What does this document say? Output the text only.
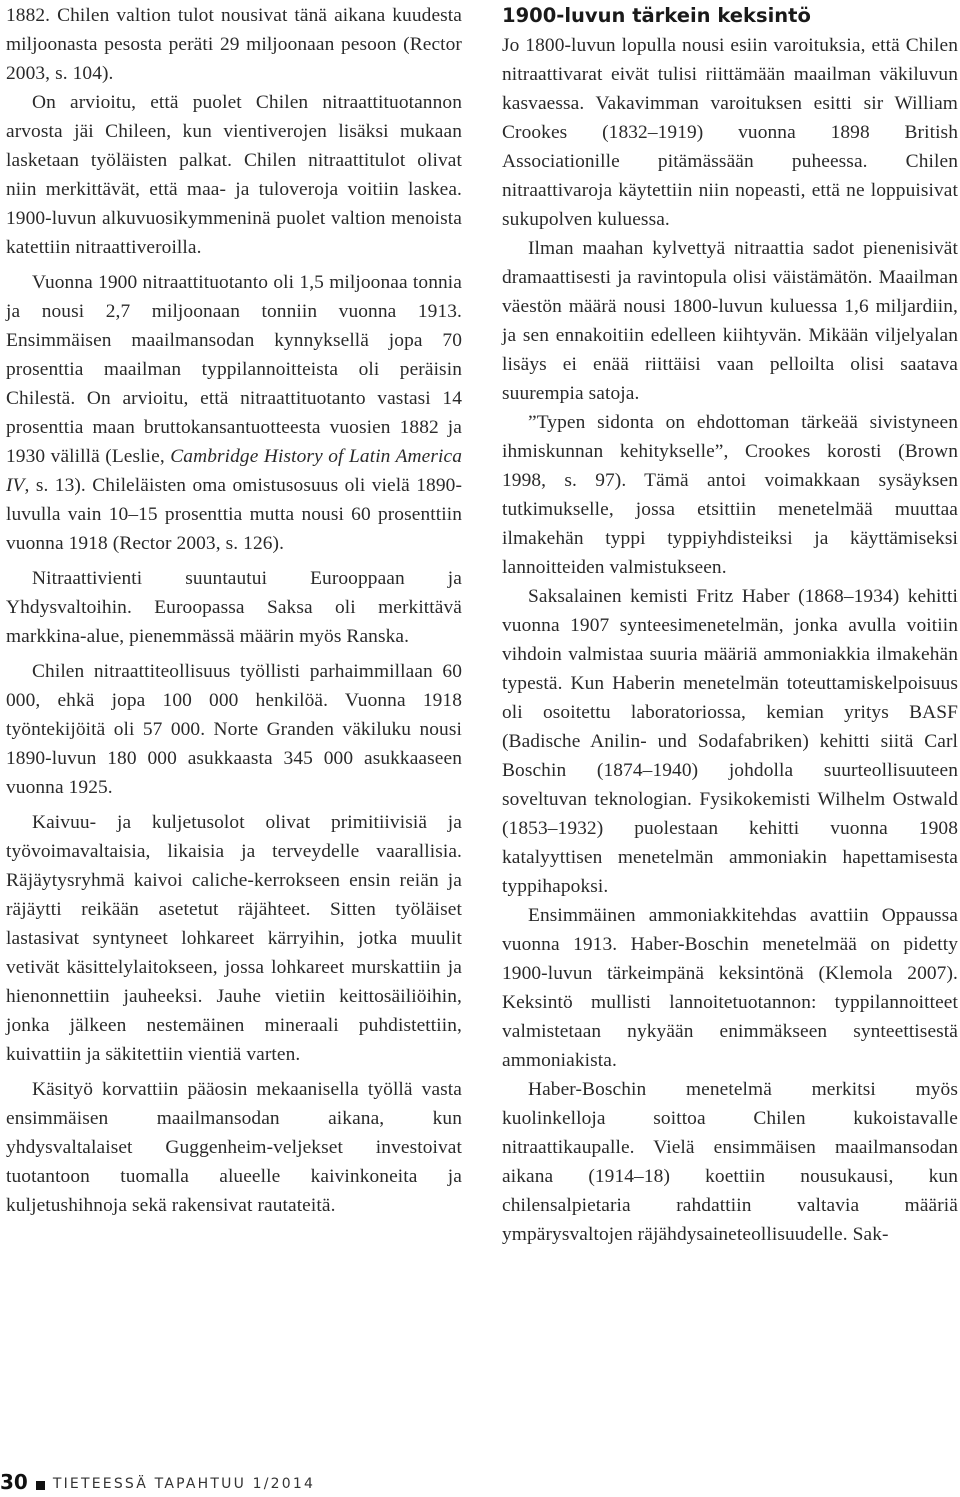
1882. Chilen valtion tulot nousivat tänä aikana kuudesta miljoonasta pesosta peräti 29 miljoonaan pesoon (Rector 2003, s. 104).

On arvioitu, että puolet Chilen nitraattituotannon arvosta jäi Chileen, kun vientiverojen lisäksi mukaan lasketaan työläisten palkat. Chilen nitraattitulot olivat niin merkittävät, että maa- ja tuloveroja voitiin laskea. 1900-luvun alkuvuosikymmeninä puolet valtion menoista katettiin nitraattiveroilla.

Vuonna 1900 nitraattituotanto oli 1,5 miljoonaa tonnia ja nousi 2,7 miljoonaan tonniin vuonna 1913. Ensimmäisen maailmansodan kynnyksellä jopa 70 prosenttia maailman typpilannoitteista oli peräisin Chilestä. On arvioitu, että nitraattituotanto vastasi 14 prosenttia maan bruttokansantuotteesta vuosien 1882 ja 1930 välillä (Leslie, Cambridge History of Latin America IV, s. 13). Chileläisten oma omistusosuus oli vielä 1890-luvulla vain 10–15 prosenttia mutta nousi 60 prosenttiin vuonna 1918 (Rector 2003, s. 126).

Nitraattivienti suuntautui Eurooppaan ja Yhdysvaltoihin. Euroopassa Saksa oli merkittävä markkina-alue, pienemmässä määrin myös Ranska.

Chilen nitraattiteollisuus työllisti parhaimmillaan 60 000, ehkä jopa 100 000 henkilöä. Vuonna 1918 työntekijöitä oli 57 000. Norte Granden väkiluku nousi 1890-luvun 180 000 asukkaasta 345 000 asukkaaseen vuonna 1925.

Kaivuu- ja kuljetusolot olivat primitiivisiä ja työvoimavaltaisia, likaisia ja terveydelle vaarallisia. Räjäytysryhmä kaivoi caliche-kerrokseen ensin reiän ja räjäytti reikään asetetut räjähteet. Sitten työläiset lastasivat syntyneet lohkareet kärryihin, jotka muulit vetivät käsittelylaitokseen, jossa lohkareet murskattiin ja hienonnettiin jauheeksi. Jauhe vietiin keittosäiliöihin, jonka jälkeen nestemäinen mineraali puhdistettiin, kuivattiin ja säkitettiin vientiä varten.

Käsityö korvattiin pääosin mekaanisella työllä vasta ensimmäisen maailmansodan aikana, kun yhdysvaltalaiset Guggenheim-veljekset investoivat tuotantoon tuomalla alueelle kaivinkoneita ja kuljetushihnoja sekä rakensivat rautateitä.

1900-luvun tärkein keksintö

Jo 1800-luvun lopulla nousi esiin varoituksia, että Chilen nitraattivarat eivät tulisi riittämään maailman väkiluvun kasvaessa. Vakavimman varoituksen esitti sir William Crookes (1832–1919) vuonna 1898 British Associationille pitämässään puheessa. Chilen nitraattivaroja käytettiin niin nopeasti, että ne loppuisivat sukupolven kuluessa.

Ilman maahan kylvettyä nitraattia sadot pienenisivät dramaattisesti ja ravintopula olisi väistämätön. Maailman väestön määrä nousi 1800-luvun kuluessa 1,6 miljardiin, ja sen ennakoitiin edelleen kiihtyvän. Mikään viljelyalan lisäys ei enää riittäisi vaan pelloilta olisi saatava suurempia satoja.

”Typen sidonta on ehdottoman tärkeää sivistyneen ihmiskunnan kehitykselle”, Crookes korosti (Brown 1998, s. 97). Tämä antoi voimakkaan sysäyksen tutkimukselle, jossa etsittiin menetelmää muuttaa ilmakehän typpi typpiyhdisteiksi ja käyttämiseksi lannoitteiden valmistukseen.

Saksalainen kemisti Fritz Haber (1868–1934) kehitti vuonna 1907 synteesimenetelmän, jonka avulla voitiin vihdoin valmistaa suuria määriä ammoniakkia ilmakehän typestä. Kun Haberin menetelmän toteuttamiskelpoisuus oli osoitettu laboratoriossa, kemian yritys BASF (Badische Anilin- und Sodafabriken) kehitti siitä Carl Boschin (1874–1940) johdolla suurteollisuuteen soveltuvan teknologian. Fysikokemisti Wilhelm Ostwald (1853–1932) puolestaan kehitti vuonna 1908 katalyyttisen menetelmän ammoniakin hapettamisesta typpihapoksi.

Ensimmäinen ammoniakkitehdas avattiin Oppaussa vuonna 1913. Haber-Boschin menetelmää on pidetty 1900-luvun tärkeimpänä keksintönä (Klemola 2007). Keksintö mullisti lannoitetuotannon: typpilannoitteet valmistetaan nykyään enimmäkseen synteettisestä ammoniakista.

Haber-Boschin menetelmä merkitsi myös kuolinkelloja soittoa Chilen kukoistavalle nitraattikaupalle. Vielä ensimmäisen maailmansodan aikana (1914–18) koettiin nousukausi, kun chilensalpietaria rahdattiin valtavia määriä ympärysvaltojen räjähdysaineteollisuudelle. Sak-

30 TIETEESSÄ TAPAHTUU 1/2014
